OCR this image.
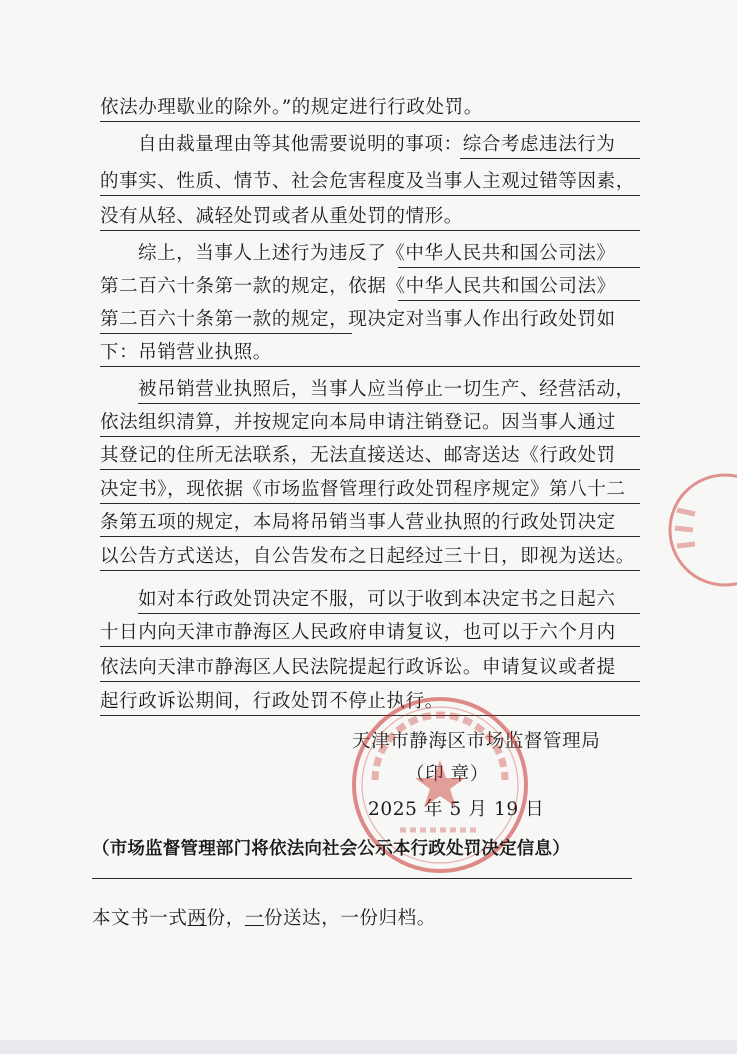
依法办理歇业的除外。”的规定进行行政处罚。
自由裁量理由等其他需要说明的事项：综合考虑违法行为
的事实、性质、情节、社会危害程度及当事人主观过错等因素，
没有从轻、减轻处罚或者从重处罚的情形。
综上，当事人上述行为违反了《中华人民共和国公司法》
第二百六十条第一款的规定，依据《中华人民共和国公司法》
第二百六十条第一款的规定，现决定对当事人作出行政处罚如
下：吊销营业执照。
被吊销营业执照后，当事人应当停止一切生产、经营活动，
依法组织清算，并按规定向本局申请注销登记。因当事人通过
其登记的住所无法联系，无法直接送达、邮寄送达《行政处罚
决定书》，现依据《市场监督管理行政处罚程序规定》第八十二
条第五项的规定，本局将吊销当事人营业执照的行政处罚决定
以公告方式送达，自公告发布之日起经过三十日，即视为送达。
如对本行政处罚决定不服，可以于收到本决定书之日起六
十日内向天津市静海区人民政府申请复议，也可以于六个月内
依法向天津市静海区人民法院提起行政诉讼。申请复议或者提
起行政诉讼期间，行政处罚不停止执行。
天津市静海区市场监督管理局
（印 章）
2025 年 5 月 19 日
（市场监督管理部门将依法向社会公示本行政处罚决定信息）
本文书一式两份，一份送达，一份归档。
